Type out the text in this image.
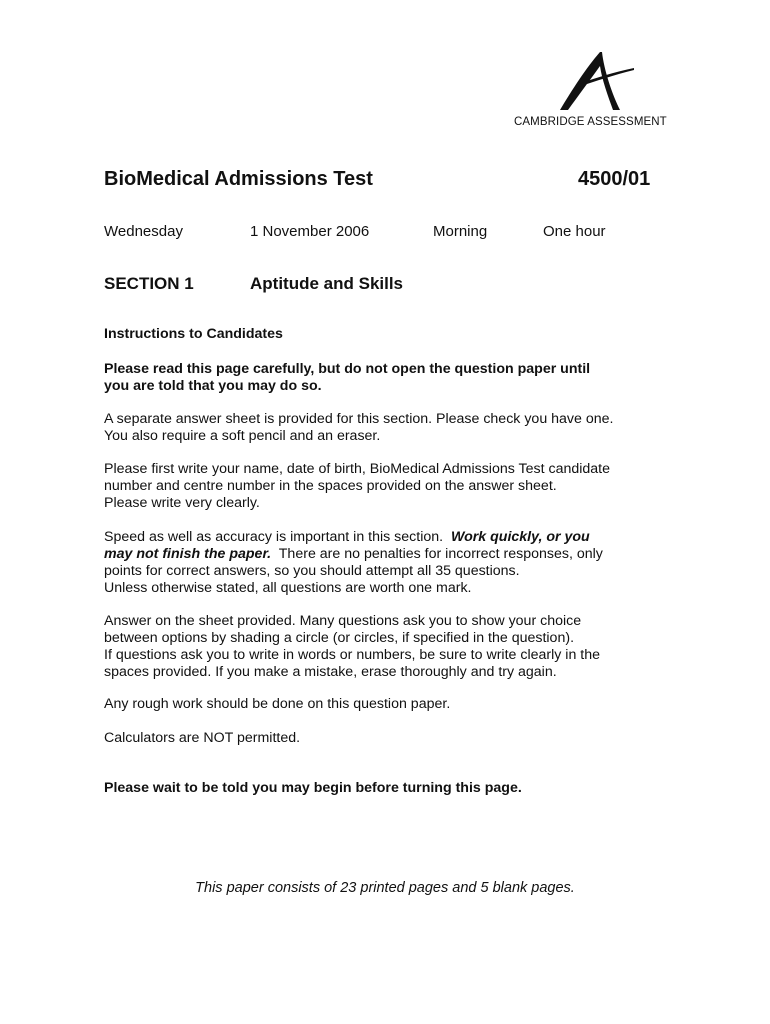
CAMBRIDGE ASSESSMENT
BioMedical Admissions Test	4500/01
Wednesday	1 November 2006	Morning	One hour
SECTION 1	Aptitude and Skills
Instructions to Candidates
Please read this page carefully, but do not open the question paper until
you are told that you may do so.
A separate answer sheet is provided for this section. Please check you have one.
You also require a soft pencil and an eraser.
Please first write your name, date of birth, BioMedical Admissions Test candidate
number and centre number in the spaces provided on the answer sheet.
Please write very clearly.
Speed as well as accuracy is important in this section.  Work quickly, or you
may not finish the paper.  There are no penalties for incorrect responses, only
points for correct answers, so you should attempt all 35 questions.
Unless otherwise stated, all questions are worth one mark.
Answer on the sheet provided. Many questions ask you to show your choice
between options by shading a circle (or circles, if specified in the question).
If questions ask you to write in words or numbers, be sure to write clearly in the
spaces provided. If you make a mistake, erase thoroughly and try again.
Any rough work should be done on this question paper.
Calculators are NOT permitted.
Please wait to be told you may begin before turning this page.
This paper consists of 23 printed pages and 5 blank pages.
